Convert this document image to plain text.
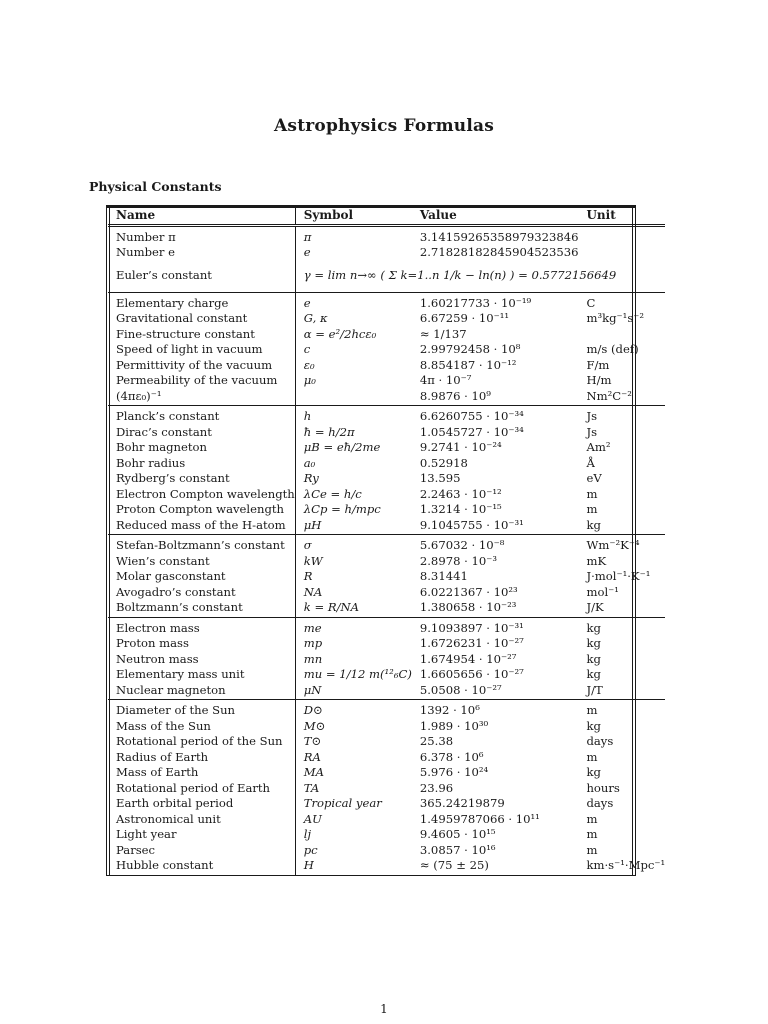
Astrophysics Formulas
Physical Constants
Name	Symbol	Value	Unit
Number π	π	3.14159265358979323846	
Number e	e	2.71828182845904523536	
Euler’s constant	γ = lim n→∞ ( Σ k=1..n 1/k − ln(n) ) = 0.5772156649		
Elementary charge	e	1.60217733 · 10⁻¹⁹	C
Gravitational constant	G, κ	6.67259 · 10⁻¹¹	m³kg⁻¹s⁻²
Fine-structure constant	α = e²/2hcε₀	≈ 1/137	
Speed of light in vacuum	c	2.99792458 · 10⁸	m/s (def)
Permittivity of the vacuum	ε₀	8.854187 · 10⁻¹²	F/m
Permeability of the vacuum	μ₀	4π · 10⁻⁷	H/m
(4πε₀)⁻¹		8.9876 · 10⁹	Nm²C⁻²
Planck’s constant	h	6.6260755 · 10⁻³⁴	Js
Dirac’s constant	ħ = h/2π	1.0545727 · 10⁻³⁴	Js
Bohr magneton	μB = eħ/2me	9.2741 · 10⁻²⁴	Am²
Bohr radius	a₀	0.52918	Å
Rydberg’s constant	Ry	13.595	eV
Electron Compton wavelength	λCe = h/c	2.2463 · 10⁻¹²	m
Proton Compton wavelength	λCp = h/mpc	1.3214 · 10⁻¹⁵	m
Reduced mass of the H-atom	μH	9.1045755 · 10⁻³¹	kg
Stefan-Boltzmann’s constant	σ	5.67032 · 10⁻⁸	Wm⁻²K⁻⁴
Wien’s constant	kW	2.8978 · 10⁻³	mK
Molar gasconstant	R	8.31441	J·mol⁻¹·K⁻¹
Avogadro’s constant	NA	6.0221367 · 10²³	mol⁻¹
Boltzmann’s constant	k = R/NA	1.380658 · 10⁻²³	J/K
Electron mass	me	9.1093897 · 10⁻³¹	kg
Proton mass	mp	1.6726231 · 10⁻²⁷	kg
Neutron mass	mn	1.674954 · 10⁻²⁷	kg
Elementary mass unit	mu = 1/12 m(¹²₆C)	1.6605656 · 10⁻²⁷	kg
Nuclear magneton	μN	5.0508 · 10⁻²⁷	J/T
Diameter of the Sun	D⊙	1392 · 10⁶	m
Mass of the Sun	M⊙	1.989 · 10³⁰	kg
Rotational period of the Sun	T⊙	25.38	days
Radius of Earth	RA	6.378 · 10⁶	m
Mass of Earth	MA	5.976 · 10²⁴	kg
Rotational period of Earth	TA	23.96	hours
Earth orbital period	Tropical year	365.24219879	days
Astronomical unit	AU	1.4959787066 · 10¹¹	m
Light year	lj	9.4605 · 10¹⁵	m
Parsec	pc	3.0857 · 10¹⁶	m
Hubble constant	H	≈ (75 ± 25)	km·s⁻¹·Mpc⁻¹
1
